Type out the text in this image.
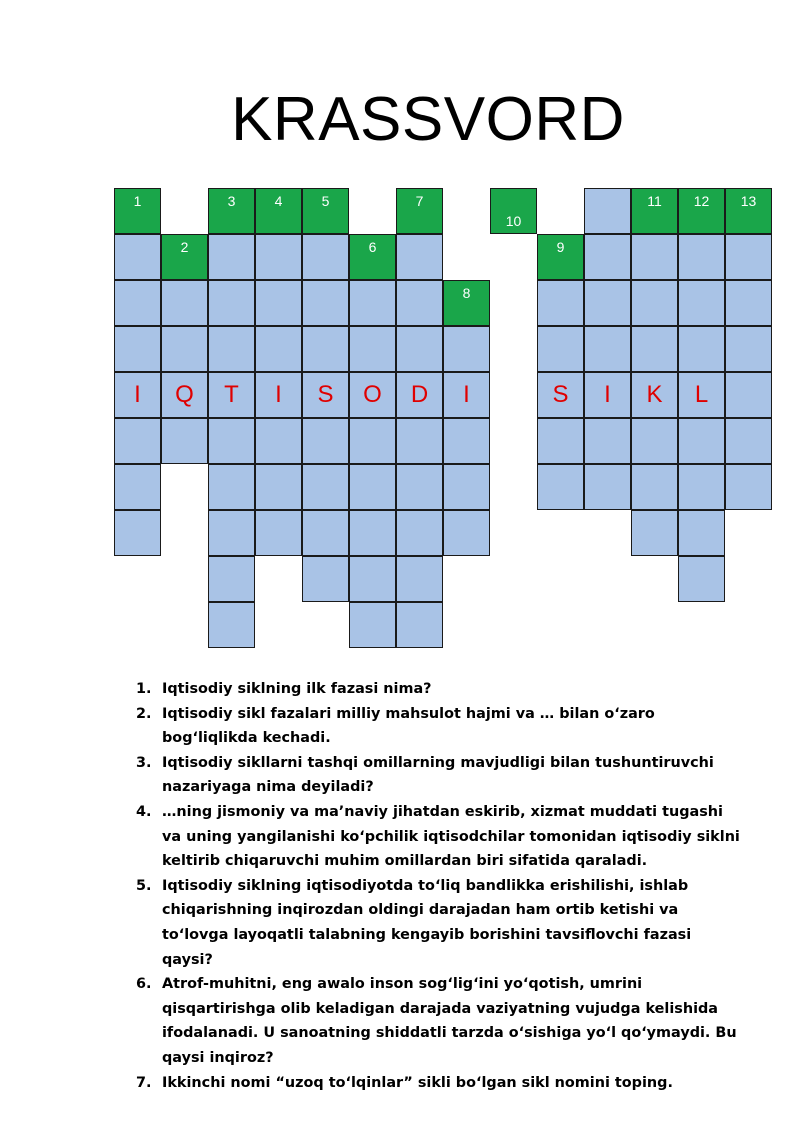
KRASSVORD
1
I
2
Q
3
T
4
I
5
S
6
O
7
D
8
I
10
9
S	I
11
K
12
L
13
1. Iqtisodiy siklning ilk fazasi nima?
2. Iqtisodiy sikl fazalari milliy mahsulot hajmi va … bilan oʻzaro bogʻliqlikda kechadi.
3. Iqtisodiy sikllarni tashqi omillarning mavjudligi bilan tushuntiruvchi nazariyaga nima deyiladi?
4. …ning jismoniy va maʼnaviy jihatdan eskirib, xizmat muddati tugashi va uning yangilanishi koʻpchilik iqtisodchilar tomonidan iqtisodiy siklni keltirib chiqaruvchi muhim omillardan biri sifatida qaraladi.
5. Iqtisodiy siklning iqtisodiyotda toʻliq bandlikka erishilishi, ishlab chiqarishning inqirozdan oldingi darajadan ham ortib ketishi va toʻlovga layoqatli talabning kengayib borishini tavsiflovchi fazasi qaysi?
6. Atrof-muhitni, eng awalo inson sogʻligʻini yoʻqotish, umrini qisqartirishga olib keladigan darajada vaziyatning vujudga kelishida ifodalanadi. U sanoatning shiddatli tarzda oʻsishiga yoʻl qoʻymaydi. Bu qaysi inqiroz?
7. Ikkinchi nomi “uzoq toʻlqinlar” sikli boʻlgan sikl nomini toping.
